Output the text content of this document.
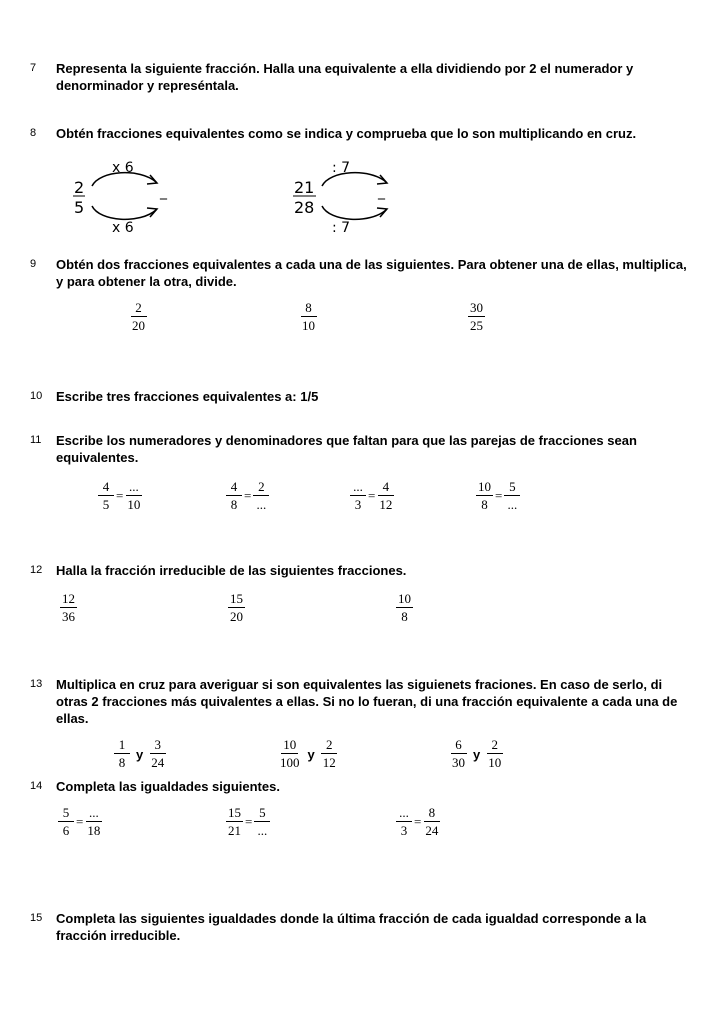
7 Representa la siguiente fracción. Halla una equivalente a ella dividiendo por 2 el numerador y denorminador y represéntala.
8 Obtén fracciones equivalentes como se indica y comprueba que lo son multiplicando en cruz.
x 6
2
5
_
x 6
: 7
21
28
_
: 7
9 Obtén dos fracciones equivalentes a cada una de las siguientes. Para obtener una de ellas, multiplica, y para obtener la otra, divide.
$\frac{2}{20}$	$\frac{8}{10}$	$\frac{30}{25}$
10 Escribe tres fracciones equivalentes a: 1/5
11 Escribe los numeradores y denominadores que faltan para que las parejas de fracciones sean equivalentes.
$\frac{4}{5} = \frac{...}{10}$	$\frac{4}{8} = \frac{2}{...}$	$\frac{...}{3} = \frac{4}{12}$	$\frac{10}{8} = \frac{5}{...}$
12 Halla la fracción irreducible de las siguientes fracciones.
$\frac{12}{36}$	$\frac{15}{20}$	$\frac{10}{8}$
13 Multiplica en cruz para averiguar si son equivalentes las siguienets fraciones. En caso de serlo, di otras 2 fracciones más quivalentes a ellas. Si no lo fueran, di una fracción equivalente a cada una de ellas.
$\frac{1}{8}$ y $\frac{3}{24}$	$\frac{10}{100}$ y $\frac{2}{12}$	$\frac{6}{30}$ y $\frac{2}{10}$
14 Completa las igualdades siguientes.
$\frac{5}{6} = \frac{...}{18}$	$\frac{15}{21} = \frac{5}{...}$	$\frac{...}{3} = \frac{8}{24}$
15 Completa las siguientes igualdades donde la última fracción de cada igualdad corresponde a la fracción irreducible.
